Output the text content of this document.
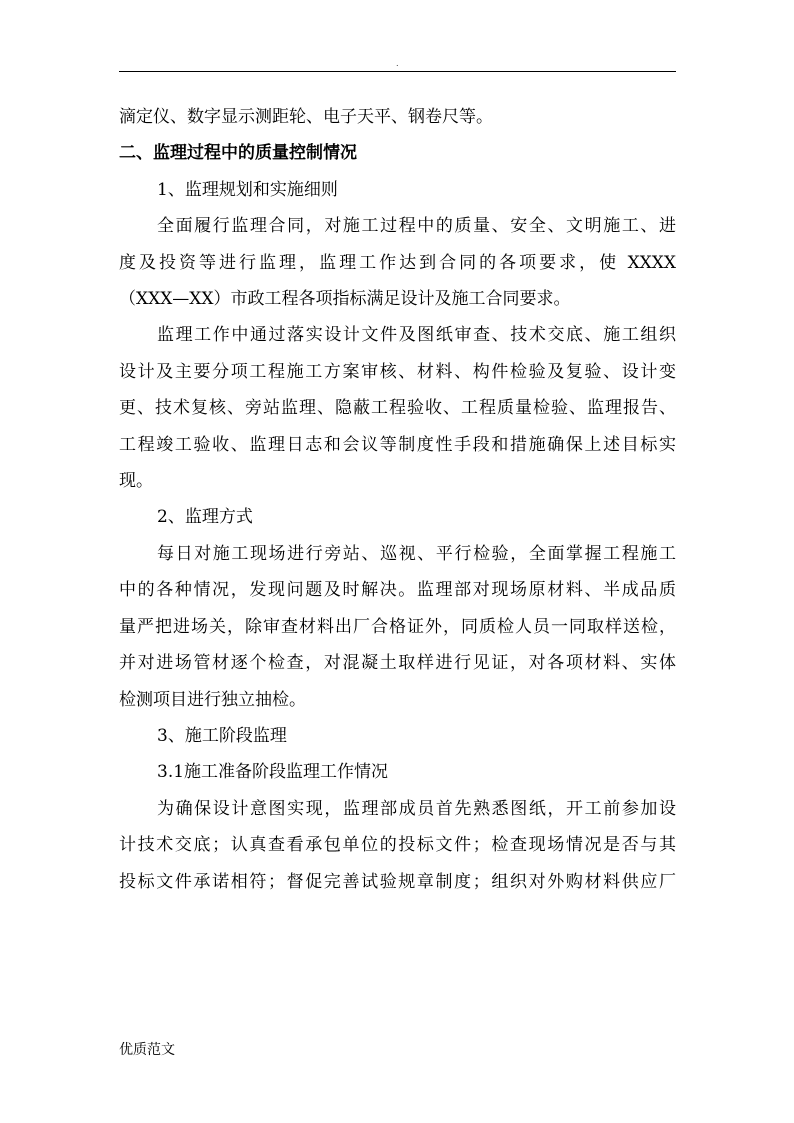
.

滴定仪、数字显示测距轮、电子天平、钢卷尺等。

二、监理过程中的质量控制情况

1、监理规划和实施细则

全面履行监理合同，对施工过程中的质量、安全、文明施工、进

度及投资等进行监理，监理工作达到合同的各项要求，使 XXXX

（XXX—XX）市政工程各项指标满足设计及施工合同要求。

监理工作中通过落实设计文件及图纸审查、技术交底、施工组织

设计及主要分项工程施工方案审核、材料、构件检验及复验、设计变

更、技术复核、旁站监理、隐蔽工程验收、工程质量检验、监理报告、

工程竣工验收、监理日志和会议等制度性手段和措施确保上述目标实

现。

2、监理方式

每日对施工现场进行旁站、巡视、平行检验，全面掌握工程施工

中的各种情况，发现问题及时解决。监理部对现场原材料、半成品质

量严把进场关，除审查材料出厂合格证外，同质检人员一同取样送检，

并对进场管材逐个检查，对混凝土取样进行见证，对各项材料、实体

检测项目进行独立抽检。

3、施工阶段监理

3.1施工准备阶段监理工作情况

为确保设计意图实现，监理部成员首先熟悉图纸，开工前参加设

计技术交底；认真查看承包单位的投标文件；检查现场情况是否与其

投标文件承诺相符；督促完善试验规章制度；组织对外购材料供应厂

优质范文
